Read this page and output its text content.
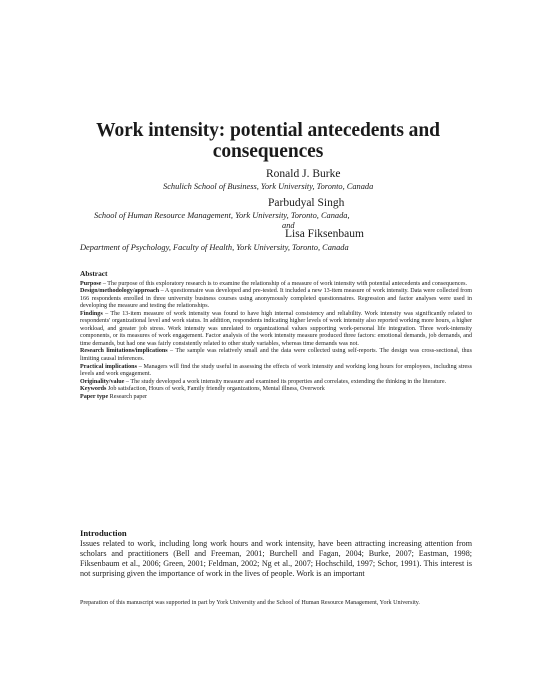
Work intensity: potential antecedents and consequences
Ronald J. Burke
Schulich School of Business, York University, Toronto, Canada
Parbudyal Singh
School of Human Resource Management, York University, Toronto, Canada,
and
Lisa Fiksenbaum
Department of Psychology, Faculty of Health, York University, Toronto, Canada

Abstract

Purpose – The purpose of this exploratory research is to examine the relationship of a measure of work intensity with potential antecedents and consequences.

Design/methodology/approach – A questionnaire was developed and pre-tested. It included a new 13-item measure of work intensity. Data were collected from 166 respondents enrolled in three university business courses using anonymously completed questionnaires. Regression and factor analyses were used in developing the measure and testing the relationships.

Findings – The 13-item measure of work intensity was found to have high internal consistency and reliability. Work intensity was significantly related to respondents' organizational level and work status. In addition, respondents indicating higher levels of work intensity also reported working more hours, a higher workload, and greater job stress. Work intensity was unrelated to organizational values supporting work-personal life integration. Three work-intensity components, or its measures of work engagement. Factor analysis of the work intensity measure produced three factors: emotional demands, job demands, and time demands, but had one was fairly consistently related to other study variables, whereas time demands was not.

Research limitations/implications – The sample was relatively small and the data were collected using self-reports. The design was cross-sectional, thus limiting causal inferences.

Practical implications – Managers will find the study useful in assessing the effects of work intensity and working long hours for employees, including stress levels and work engagement.

Originality/value – The study developed a work intensity measure and examined its properties and correlates, extending the thinking in the literature.

Keywords Job satisfaction, Hours of work, Family friendly organizations, Mental illness, Overwork

Paper type Research paper

Introduction

Issues related to work, including long work hours and work intensity, have been attracting increasing attention from scholars and practitioners (Bell and Freeman, 2001; Burchell and Fagan, 2004; Burke, 2007; Eastman, 1998; Fiksenbaum et al., 2006; Green, 2001; Feldman, 2002; Ng et al., 2007; Hochschild, 1997; Schor, 1991). This interest is not surprising given the importance of work in the lives of people. Work is an important

Preparation of this manuscript was supported in part by York University and the School of Human Resource Management, York University.
